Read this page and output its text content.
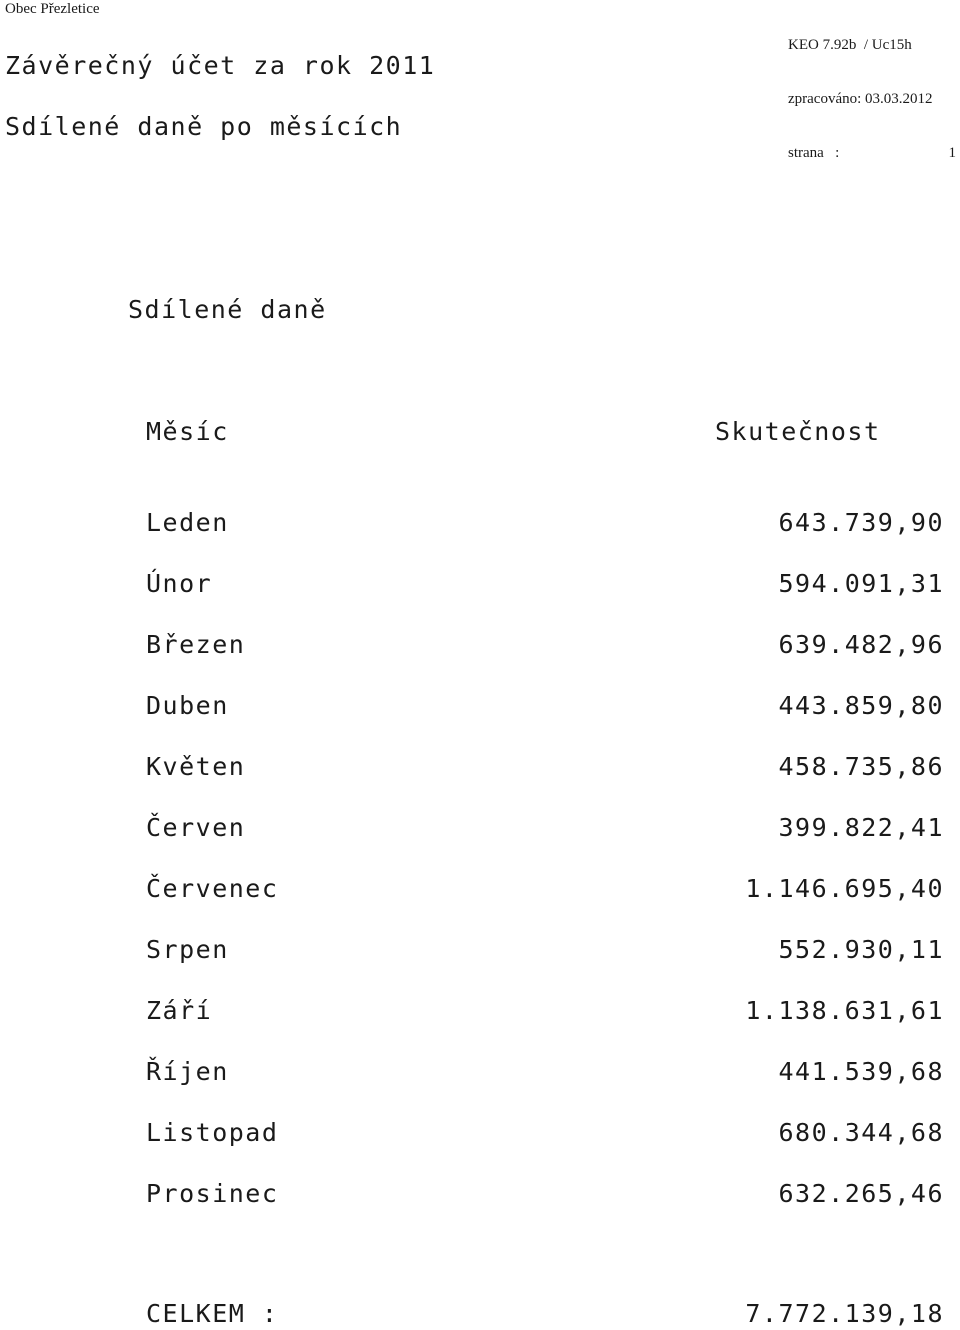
Obec Přezletice

KEO 7.92b  / Uc15h

zpracováno: 03.03.2012

strana   :	1

Závěrečný účet za rok 2011
Sdílené daně po měsících
Sdílené daně
Měsíc	Skutečnost
Leden	643.739,90
Únor	594.091,31
Březen	639.482,96
Duben	443.859,80
Květen	458.735,86
Červen	399.822,41
Červenec	1.146.695,40
Srpen	552.930,11
Září	1.138.631,61
Říjen	441.539,68
Listopad	680.344,68
Prosinec	632.265,46
CELKEM :	7.772.139,18
